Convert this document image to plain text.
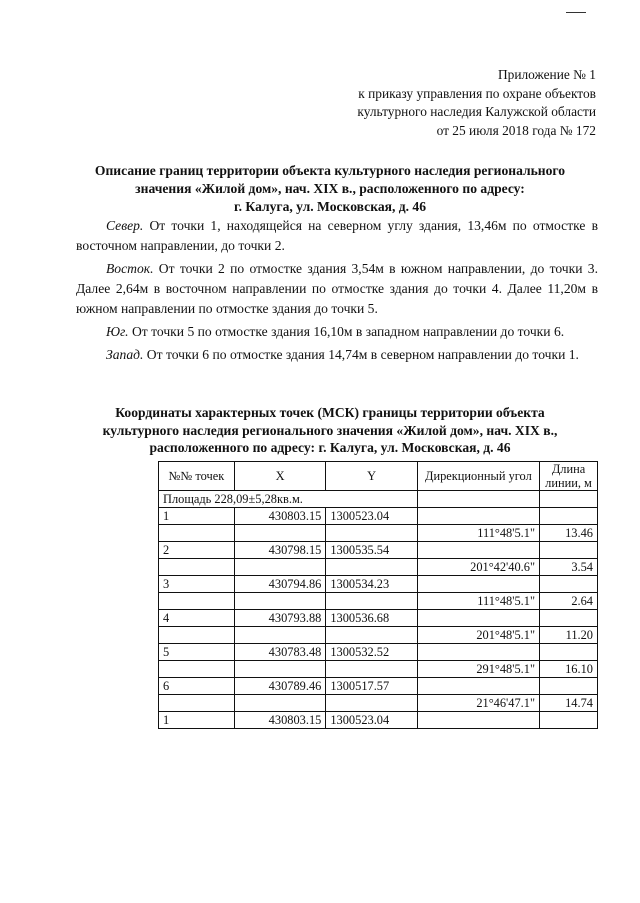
Приложение № 1
к приказу управления по охране объектов
культурного наследия Калужской области
от 25 июля 2018 года № 172
Описание границ территории объекта культурного наследия регионального
значения «Жилой дом», нач. XIX в., расположенного по адресу:
г. Калуга, ул. Московская, д. 46

Север. От точки 1, находящейся на северном углу здания, 13,46м по отмостке в восточном направлении, до точки 2.

Восток. От точки 2 по отмостке здания 3,54м в южном направлении, до точки 3. Далее 2,64м в восточном направлении по отмостке здания до точки 4. Далее 11,20м в южном направлении по отмостке здания до точки 5.

Юг. От точки 5 по отмостке здания 16,10м в западном направлении до точки 6.

Запад. От точки 6 по отмостке здания 14,74м в северном направлении до точки 1.

Координаты характерных точек (МСК) границы территории объекта
культурного наследия регионального значения «Жилой дом», нач. XIX в.,
расположенного по адресу: г. Калуга, ул. Московская, д. 46
№№ точек	X	Y	Дирекционный угол	Длина линии, м
Площадь 228,09±5,28кв.м.				
1	430803.15	1300523.04		
			111°48'5.1"	13.46
2	430798.15	1300535.54		
			201°42'40.6"	3.54
3	430794.86	1300534.23		
			111°48'5.1"	2.64
4	430793.88	1300536.68		
			201°48'5.1"	11.20
5	430783.48	1300532.52		
			291°48'5.1"	16.10
6	430789.46	1300517.57		
			21°46'47.1"	14.74
1	430803.15	1300523.04		
